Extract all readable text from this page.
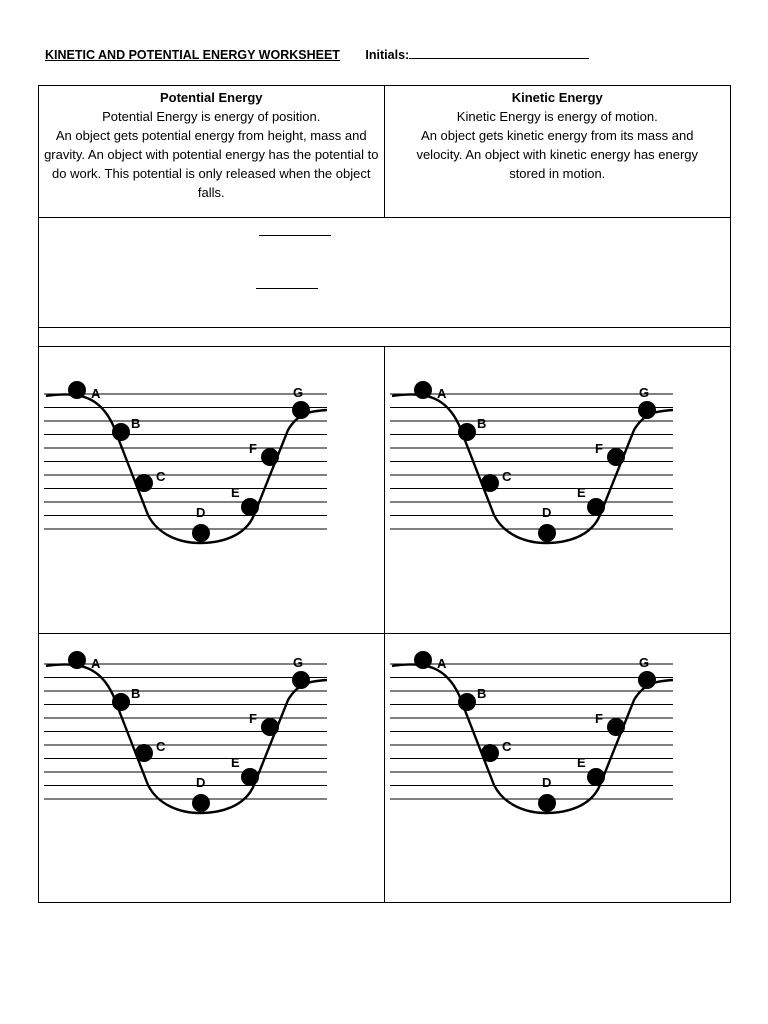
KINETIC AND POTENTIAL ENERGY WORKSHEET Initials:
Potential Energy
Potential Energy is energy of position.
An object gets potential energy from height, mass and gravity. An object with potential energy has the potential to do work. This potential is only released when the object falls.
Kinetic Energy
Kinetic Energy is energy of motion.
An object gets kinetic energy from its mass and velocity. An object with kinetic energy has energy stored in motion.
A
B
C
D
E
F
G	A
B
C
D
E
F
G
A
B
C
D
E
F
G	A
B
C
D
E
F
G
